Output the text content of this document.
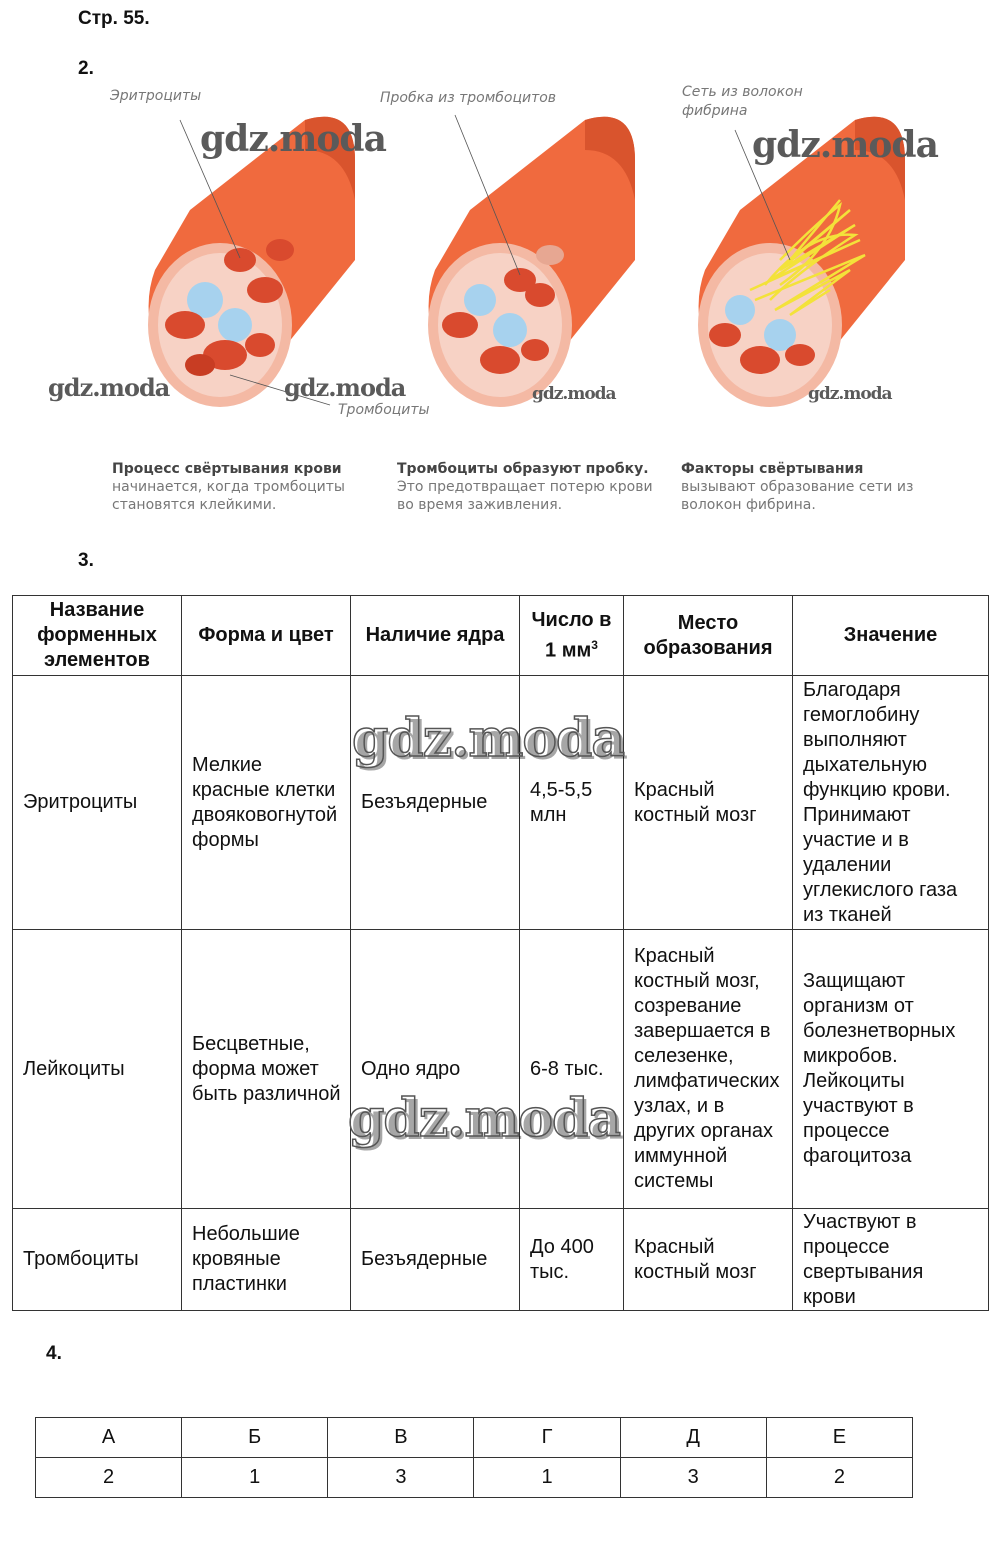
Стр. 55.
2.
Эритроциты	Пробка из тромбоцитов	Сеть из волокон фибрина
Тромбоциты
gdz.moda	gdz.moda
gdz.moda	gdz.moda	gdz.moda	gdz.moda
Процесс свёртывания крови
начинается, когда тромбоциты становятся клейкими.
Тромбоциты образуют пробку.
Это предотвращает потерю крови во время заживления.
Факторы свёртывания
вызывают образование сети из волокон фибрина.
3.
Название форменных элементов	Форма и цвет	Наличие ядра	Число в 1 $мм^3$	Место образования	Значение
Эритроциты	Мелкие красные клетки двояковогнутой формы	Безъядерные	4,5-5,5 млн	Красный костный мозг	Благодаря гемоглобину выполняют дыхательную функцию крови. Принимают участие и в удалении углекислого газа из тканей
Лейкоциты	Бесцветные, форма может быть различной	Одно ядро	6-8 тыс.	Красный костный мозг, созревание завершается в селезенке, лимфатических узлах, и в других органах иммунной системы	Защищают организм от болезнетворных микробов. Лейкоциты участвуют в процессе фагоцитоза
Тромбоциты	Небольшие кровяные пластинки	Безъядерные	До 400 тыс.	Красный костный мозг	Участвуют в процессе свертывания крови
gdz.moda
gdz.moda
4.
А	Б	В	Г	Д	Е
2	1	3	1	3	2
